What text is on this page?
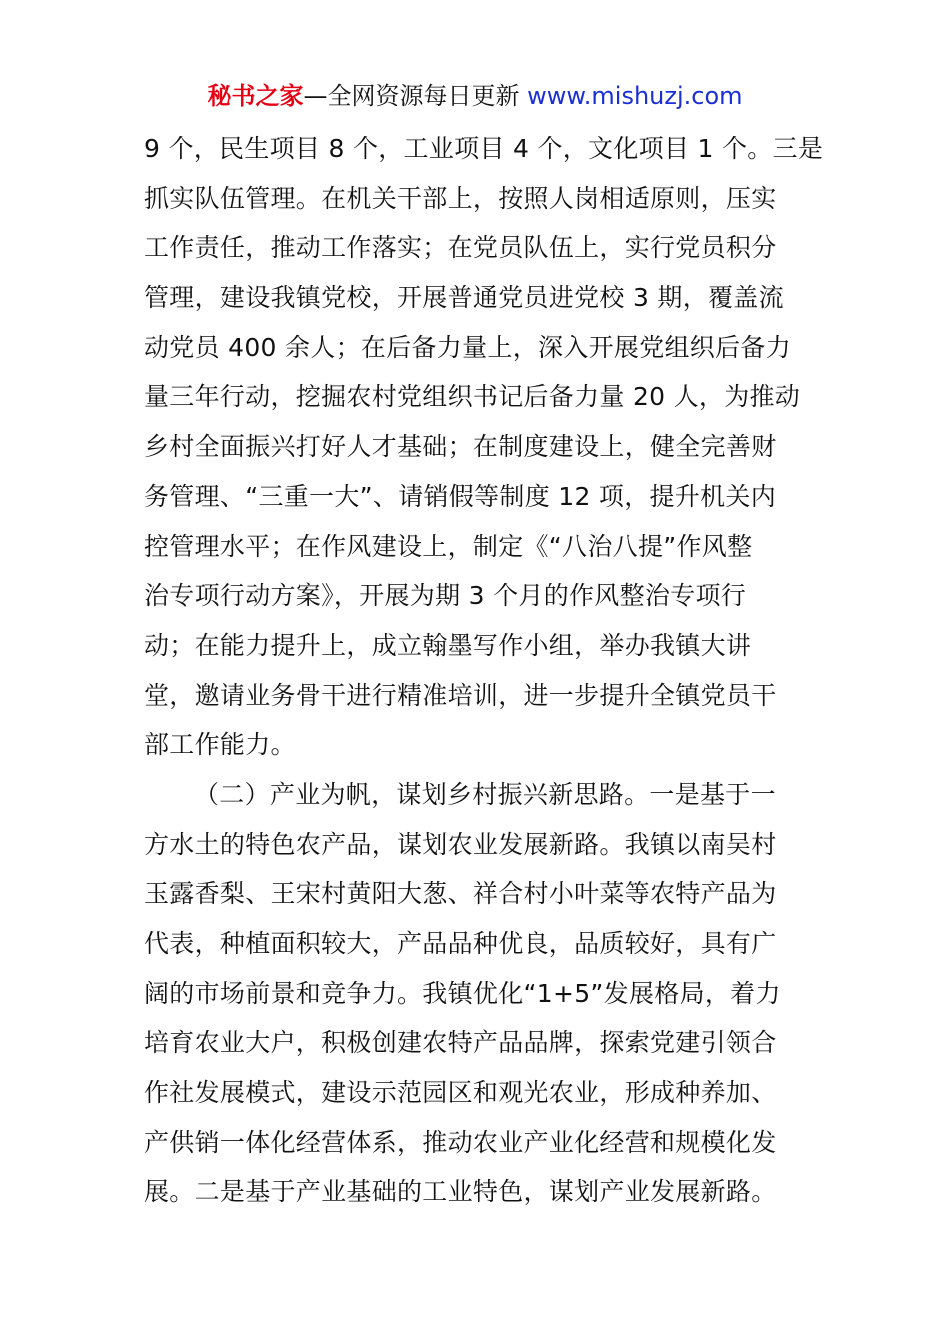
秘书之家—全网资源每日更新 www.mishuzj.com
9 个，民生项目 8 个，工业项目 4 个，文化项目 1 个。三是
抓实队伍管理。在机关干部上，按照人岗相适原则，压实
工作责任，推动工作落实；在党员队伍上，实行党员积分
管理，建设我镇党校，开展普通党员进党校 3 期，覆盖流
动党员 400 余人；在后备力量上，深入开展党组织后备力
量三年行动，挖掘农村党组织书记后备力量 20 人，为推动
乡村全面振兴打好人才基础；在制度建设上，健全完善财
务管理、“三重一大”、请销假等制度 12 项，提升机关内
控管理水平；在作风建设上，制定《“八治八提”作风整
治专项行动方案》，开展为期 3 个月的作风整治专项行
动；在能力提升上，成立翰墨写作小组，举办我镇大讲
堂，邀请业务骨干进行精准培训，进一步提升全镇党员干
部工作能力。
（二）产业为帆，谋划乡村振兴新思路。一是基于一
方水土的特色农产品，谋划农业发展新路。我镇以南吴村
玉露香梨、王宋村黄阳大葱、祥合村小叶菜等农特产品为
代表，种植面积较大，产品品种优良，品质较好，具有广
阔的市场前景和竞争力。我镇优化“1+5”发展格局，着力
培育农业大户，积极创建农特产品品牌，探索党建引领合
作社发展模式，建设示范园区和观光农业，形成种养加、
产供销一体化经营体系，推动农业产业化经营和规模化发
展。二是基于产业基础的工业特色，谋划产业发展新路。
